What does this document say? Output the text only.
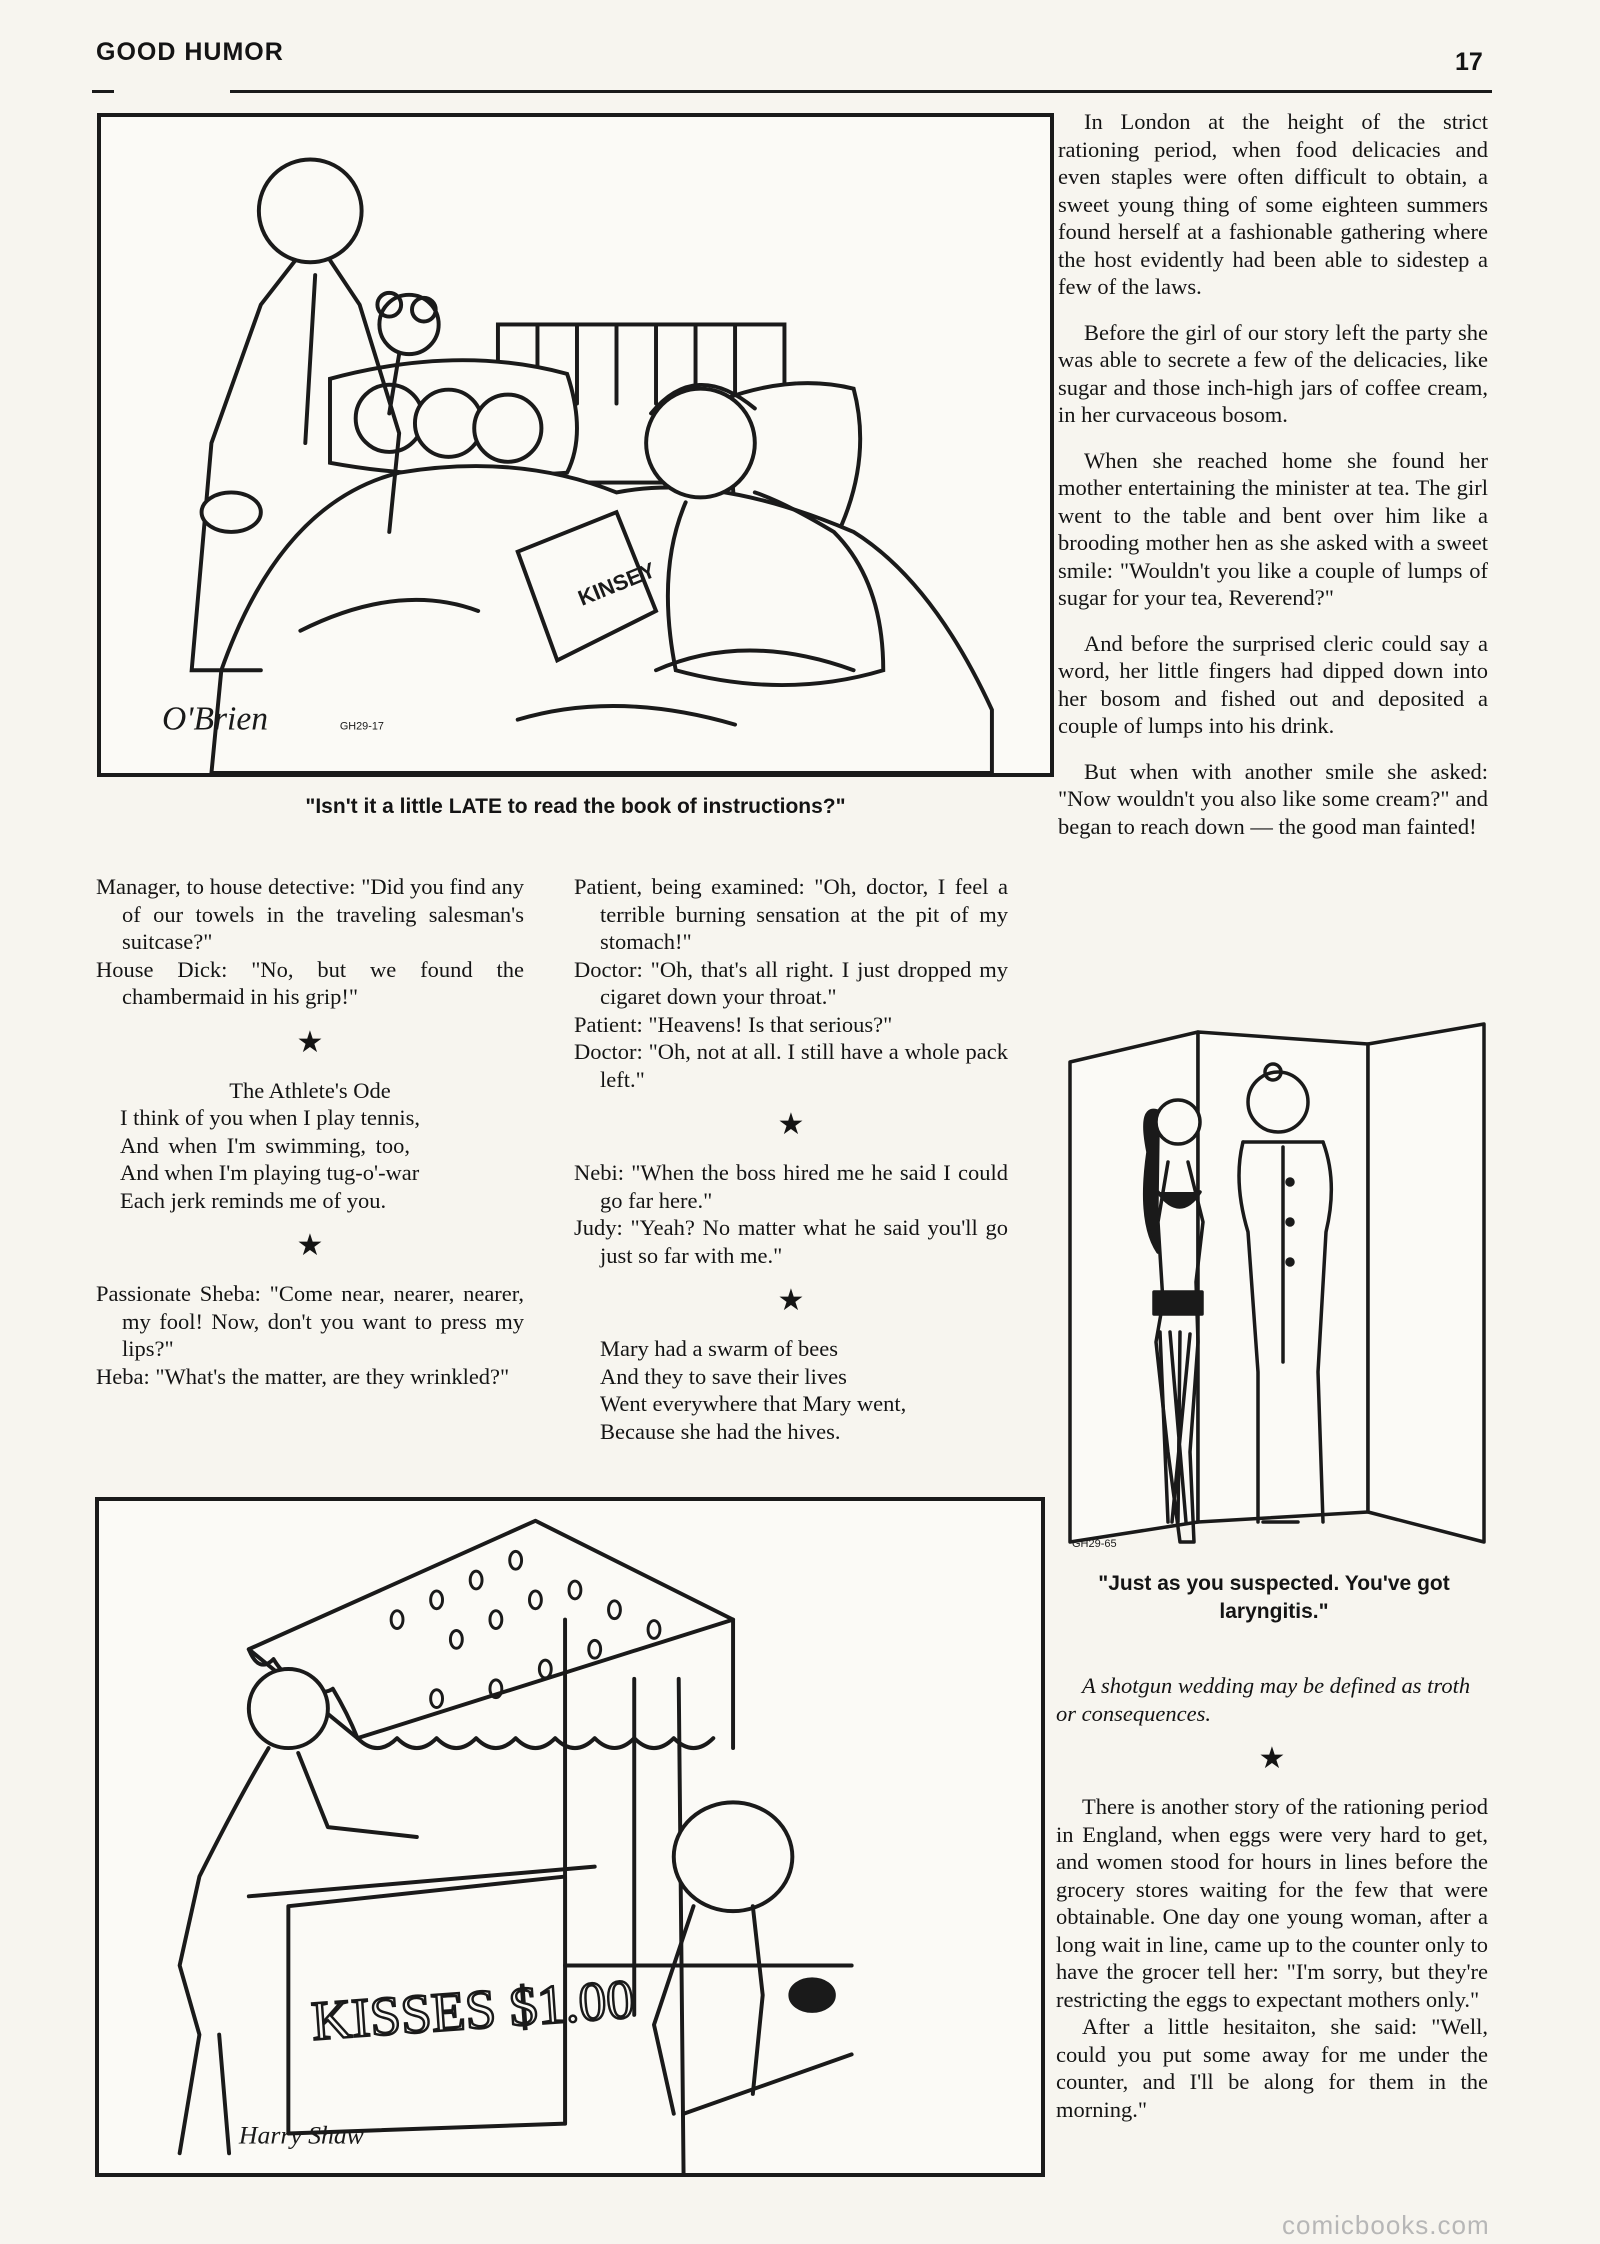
GOOD HUMOR	17
KINSEY
O'Brien	GH29-17
"Isn't it a little LATE to read the book of instructions?"

Manager, to house detective: "Did you find any of our towels in the traveling salesman's suitcase?"

House Dick: "No, but we found the chambermaid in his grip!"

★

The Athlete's Ode

I think of you when I play tennis,

And when I'm swimming, too,

And when I'm playing tug-o'-war

Each jerk reminds me of you.

★

Passionate Sheba: "Come near, nearer, nearer, my fool! Now, don't you want to press my lips?"

Heba: "What's the matter, are they wrinkled?"

Patient, being examined: "Oh, doctor, I feel a terrible burning sensation at the pit of my stomach!"

Doctor: "Oh, that's all right. I just dropped my cigaret down your throat."

Patient: "Heavens! Is that serious?"

Doctor: "Oh, not at all. I still have a whole pack left."

★

Nebi: "When the boss hired me he said I could go far here."

Judy: "Yeah? No matter what he said you'll go just so far with me."

★

Mary had a swarm of bees

And they to save their lives

Went everywhere that Mary went,

Because she had the hives.

In London at the height of the strict rationing period, when food delicacies and even staples were often difficult to obtain, a sweet young thing of some eighteen summers found herself at a fashionable gathering where the host evidently had been able to sidestep a few of the laws.

Before the girl of our story left the party she was able to secrete a few of the delicacies, like sugar and those inch-high jars of coffee cream, in her curvaceous bosom.

When she reached home she found her mother entertaining the minister at tea. The girl went to the table and bent over him like a brooding mother hen as she asked with a sweet smile: "Wouldn't you like a couple of lumps of sugar for your tea, Reverend?"

And before the surprised cleric could say a word, her little fingers had dipped down into her bosom and fished out and deposited a couple of lumps into his drink.

But when with another smile she asked: "Now wouldn't you also like some cream?" and began to reach down — the good man fainted!

GH29-65
"Just as you suspected. You've got laryngitis."

A shotgun wedding may be defined as troth or consequences.

★

There is another story of the rationing period in England, when eggs were very hard to get, and women stood for hours in lines before the grocery stores waiting for the few that were obtainable. One day one young woman, after a long wait in line, came up to the counter only to have the grocer tell her: "I'm sorry, but they're restricting the eggs to expectant mothers only."

After a little hesitaiton, she said: "Well, could you put some away for me under the counter, and I'll be along for them in the morning."

KISSES $1.00
Harry Shaw
comicbooks.com
